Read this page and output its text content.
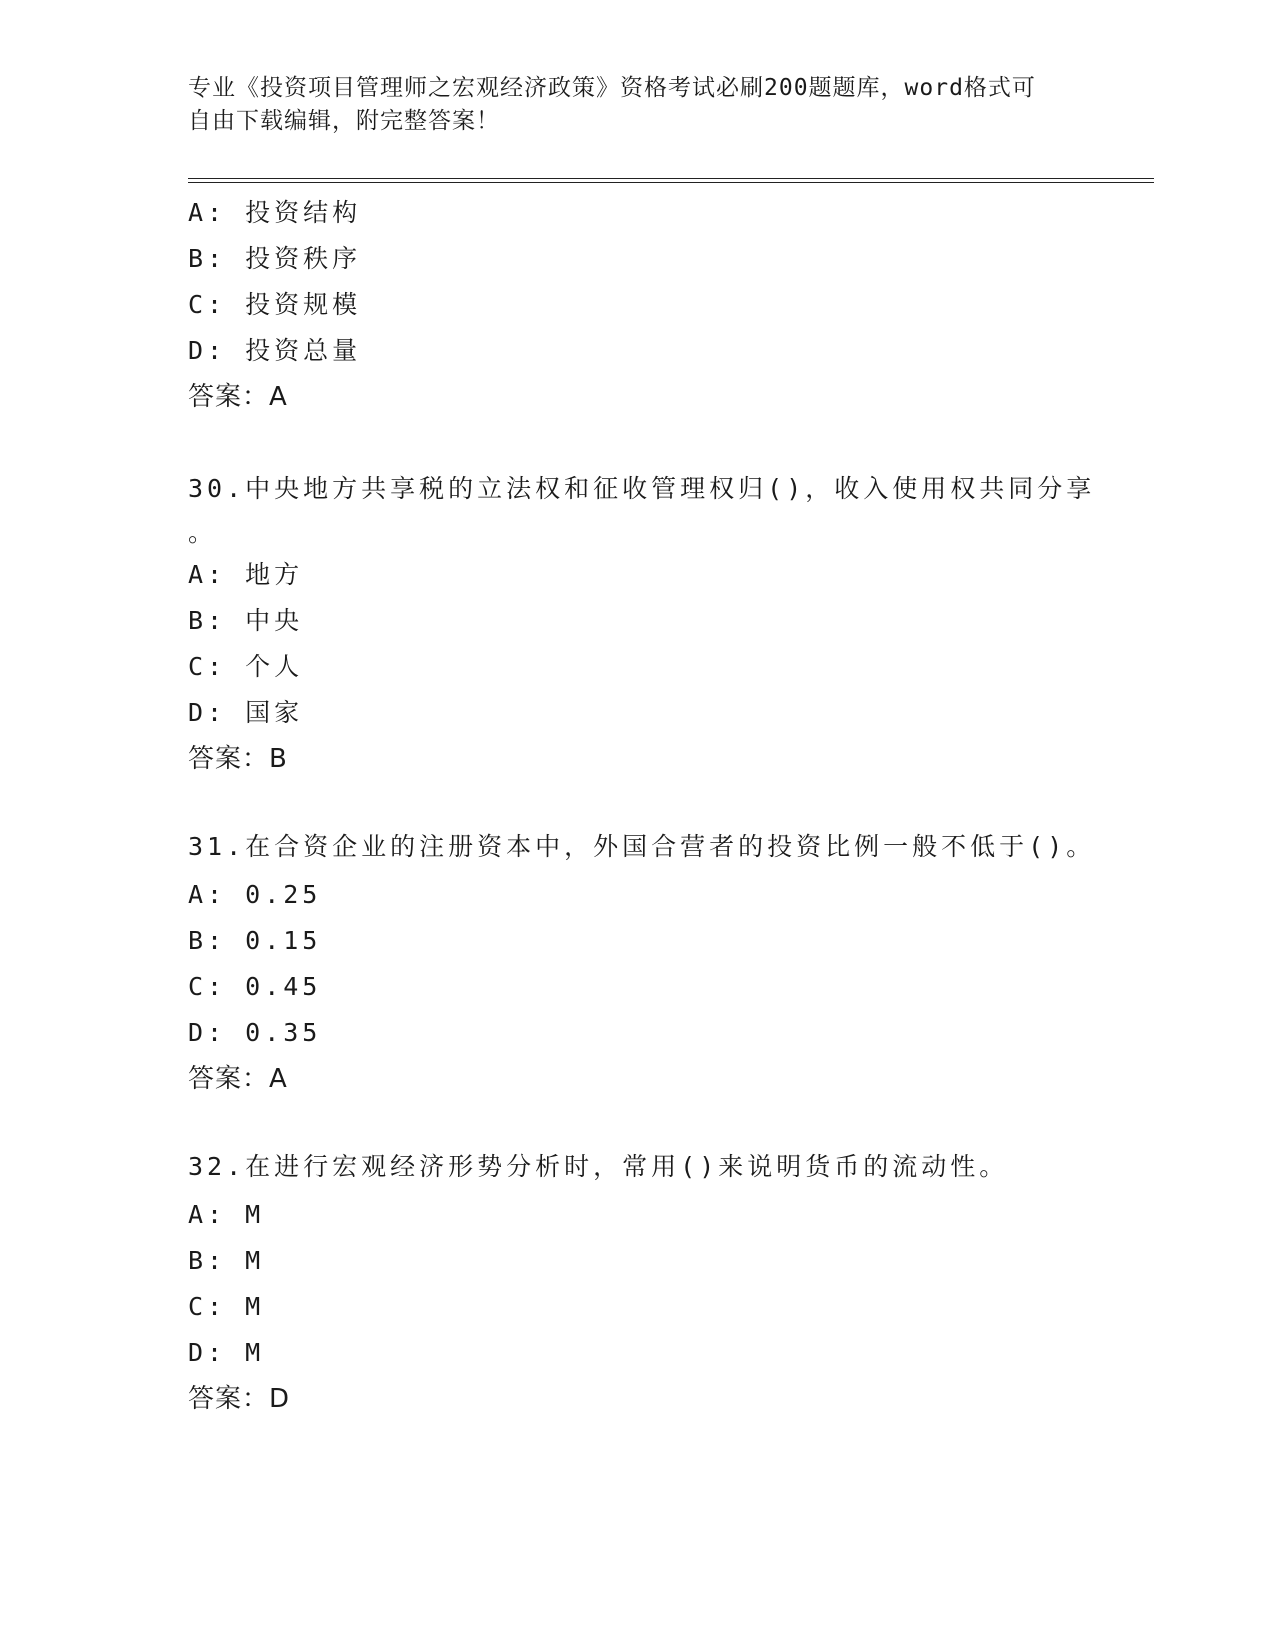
专业《投资项目管理师之宏观经济政策》资格考试必刷200题题库，word格式可
自由下载编辑，附完整答案！
A: 投资结构
B: 投资秩序
C: 投资规模
D: 投资总量
答案：A
30.中央地方共享税的立法权和征收管理权归()，收入使用权共同分享
。
A: 地方
B: 中央
C: 个人
D: 国家
答案：B
31.在合资企业的注册资本中，外国合营者的投资比例一般不低于()。
A: 0.25
B: 0.15
C: 0.45
D: 0.35
答案：A
32.在进行宏观经济形势分析时，常用()来说明货币的流动性。
A: M
B: M
C: M
D: M
答案：D
